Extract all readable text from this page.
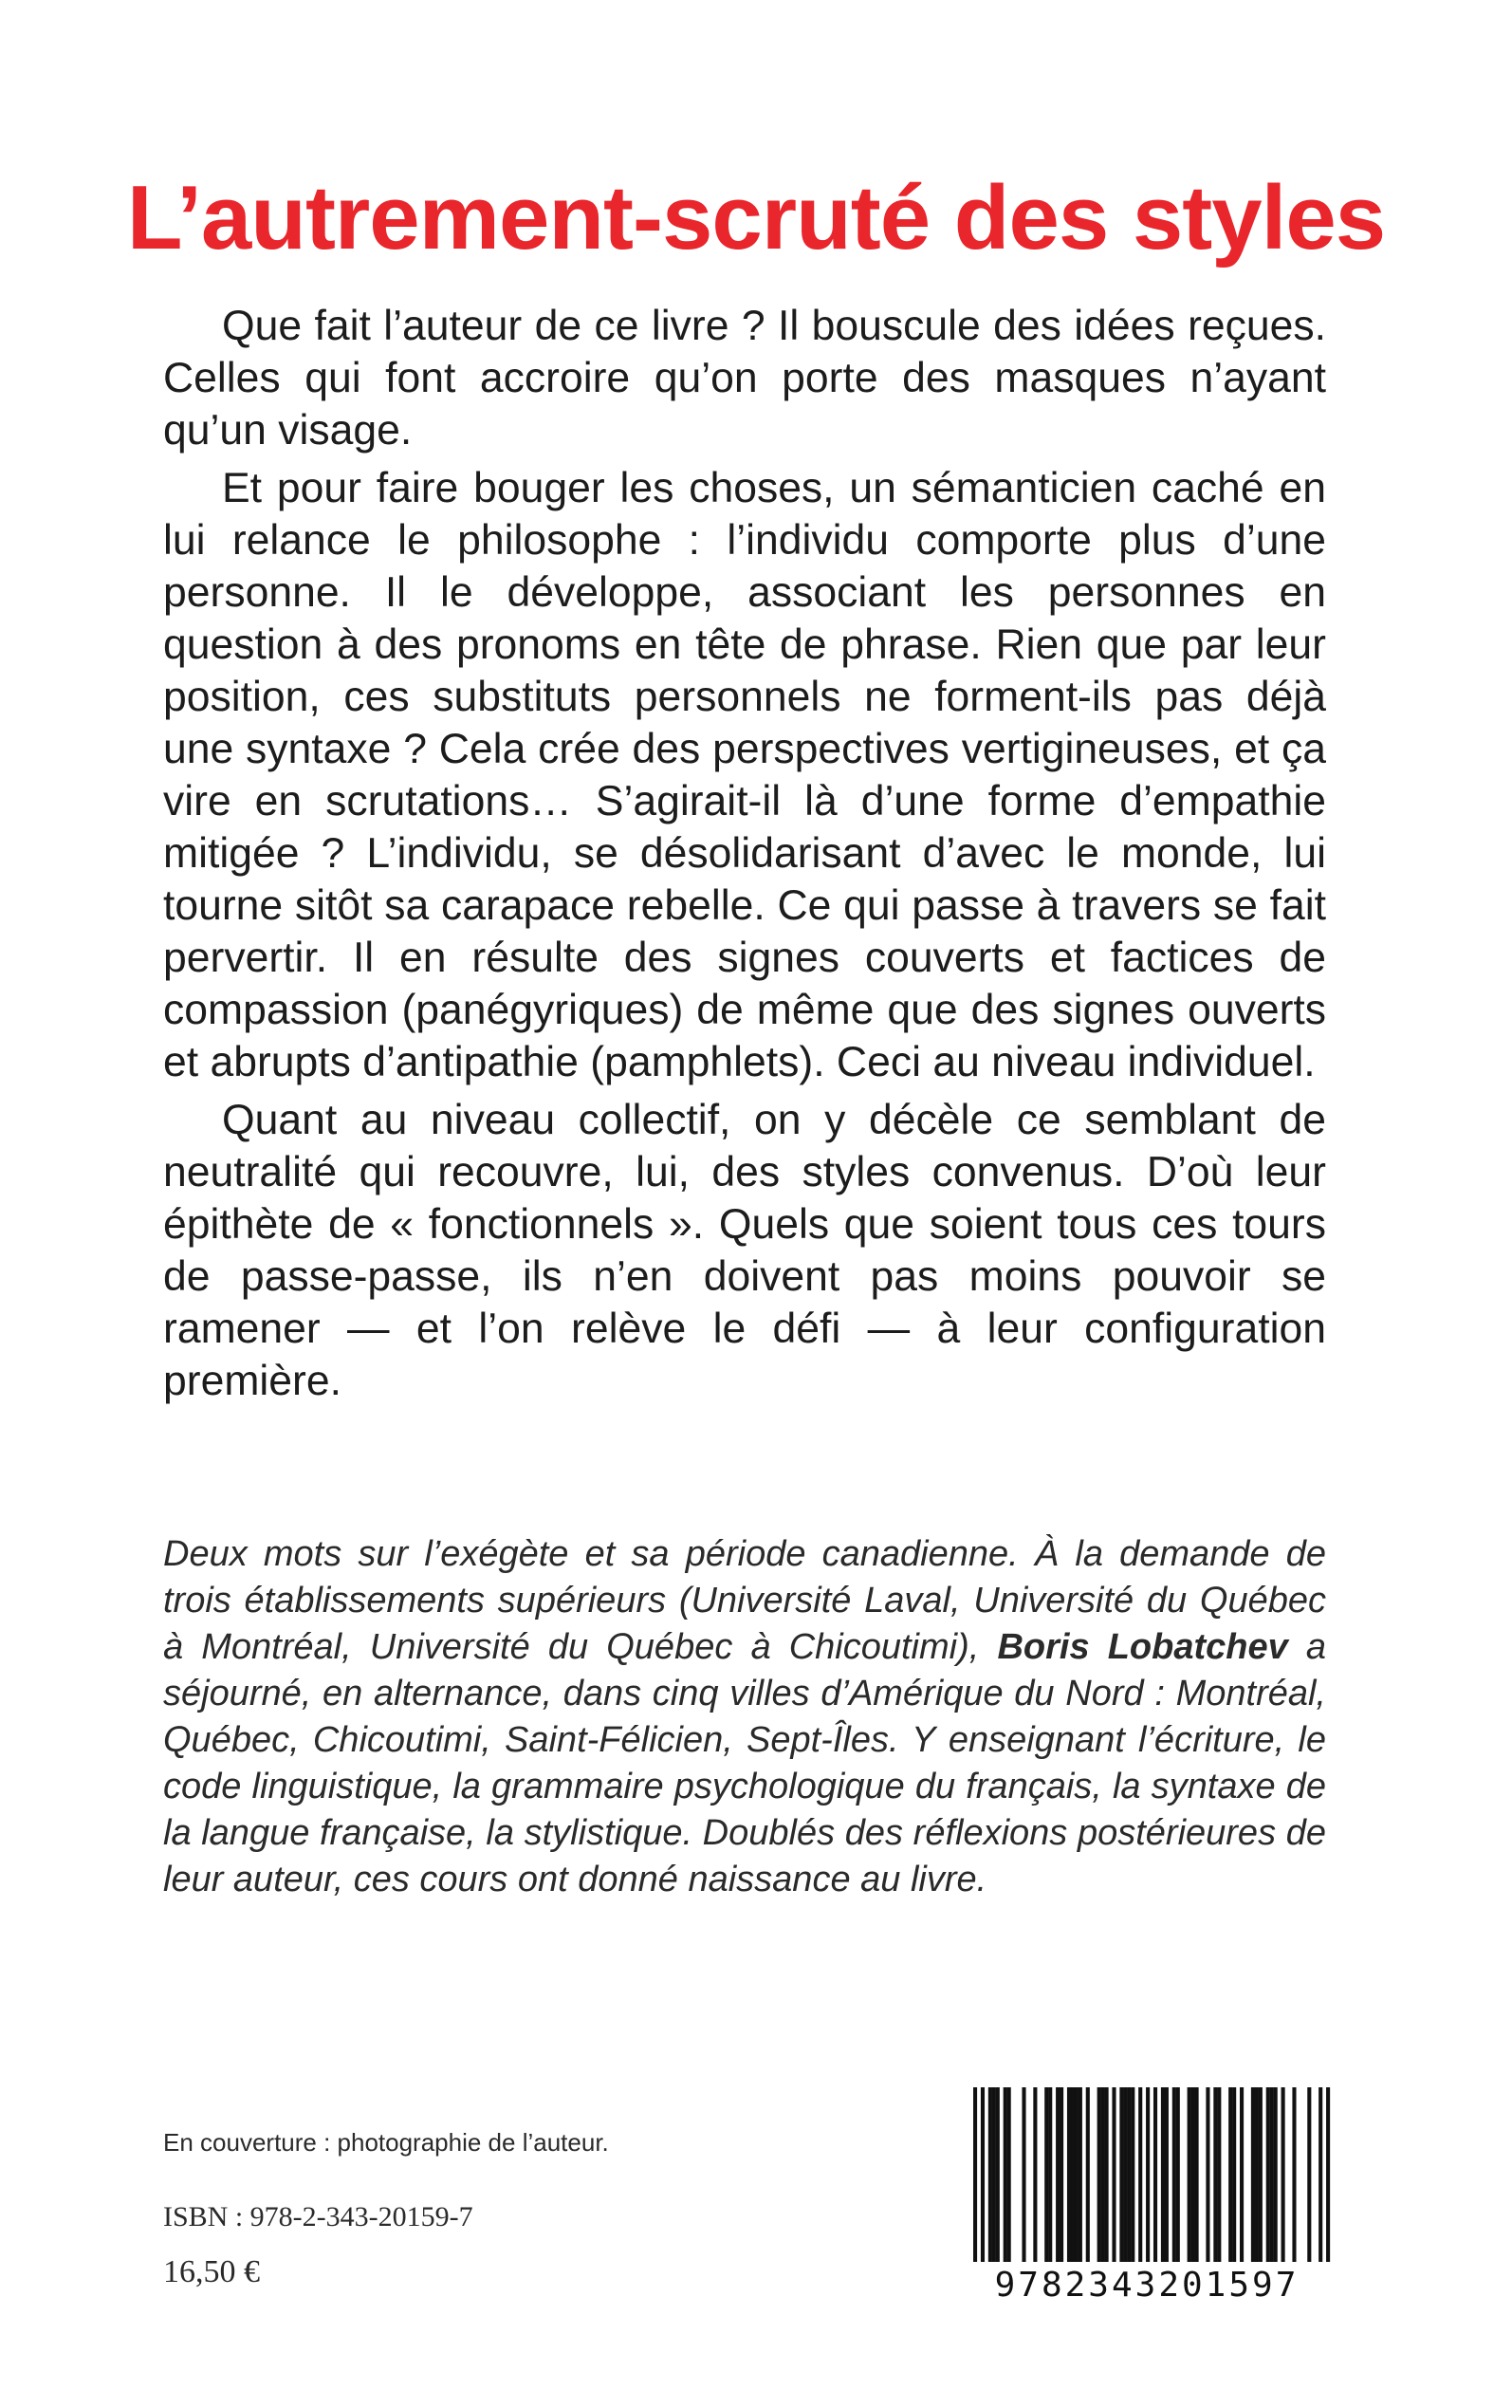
L’autrement-scruté des styles

Que fait l’auteur de ce livre ? Il bouscule des idées reçues. Celles qui font accroire qu’on porte des masques n’ayant qu’un visage.

Et pour faire bouger les choses, un sémanticien caché en lui relance le philosophe : l’individu comporte plus d’une personne. Il le développe, associant les personnes en question à des pronoms en tête de phrase. Rien que par leur position, ces substituts personnels ne forment-ils pas déjà une syntaxe ? Cela crée des perspectives vertigineuses, et ça vire en scrutations… S’agirait-il là d’une forme d’empathie mitigée ? L’individu, se désolidarisant d’avec le monde, lui tourne sitôt sa carapace rebelle. Ce qui passe à travers se fait pervertir. Il en résulte des signes couverts et factices de compassion (panégyriques) de même que des signes ouverts et abrupts d’antipathie (pamphlets). Ceci au niveau individuel.

Quant au niveau collectif, on y décèle ce semblant de neutralité qui recouvre, lui, des styles convenus. D’où leur épithète de « fonctionnels ». Quels que soient tous ces tours de passe-passe, ils n’en doivent pas moins pouvoir se ramener — et l’on relève le défi — à leur configuration première.

Deux mots sur l’exégète et sa période canadienne. À la demande de trois établissements supérieurs (Université Laval, Université du Québec à Montréal, Université du Québec à Chicoutimi), Boris Lobatchev a séjourné, en alternance, dans cinq villes d’Amérique du Nord : Montréal, Québec, Chicoutimi, Saint-Félicien, Sept-Îles. Y enseignant l’écriture, le code linguistique, la grammaire psychologique du français, la syntaxe de la langue française, la stylistique. Doublés des réflexions postérieures de leur auteur, ces cours ont donné naissance au livre.
En couverture : photographie de l’auteur.
ISBN : 978-2-343-20159-7
16,50 €	9782343201597
